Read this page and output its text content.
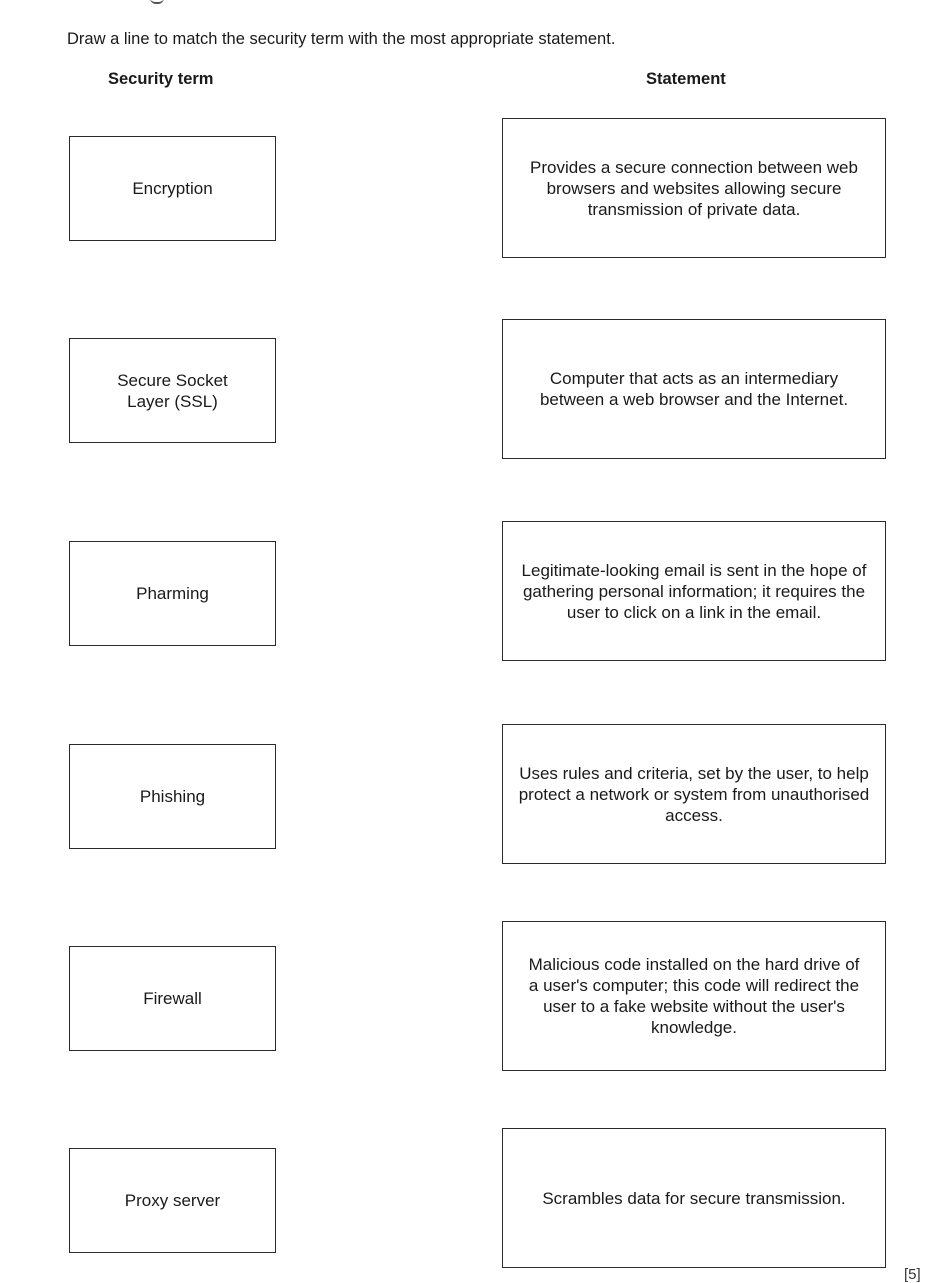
Draw a line to match the security term with the most appropriate statement.
Security term	Statement
Encryption
Secure Socket Layer (SSL)
Pharming
Phishing
Firewall
Proxy server
Provides a secure connection between web browsers and websites allowing secure transmission of private data.
Computer that acts as an intermediary between a web browser and the Internet.
Legitimate-looking email is sent in the hope of gathering personal information; it requires the user to click on a link in the email.
Uses rules and criteria, set by the user, to help protect a network or system from unauthorised access.
Malicious code installed on the hard drive of a user's computer; this code will redirect the user to a fake website without the user's knowledge.
Scrambles data for secure transmission.
[5]
